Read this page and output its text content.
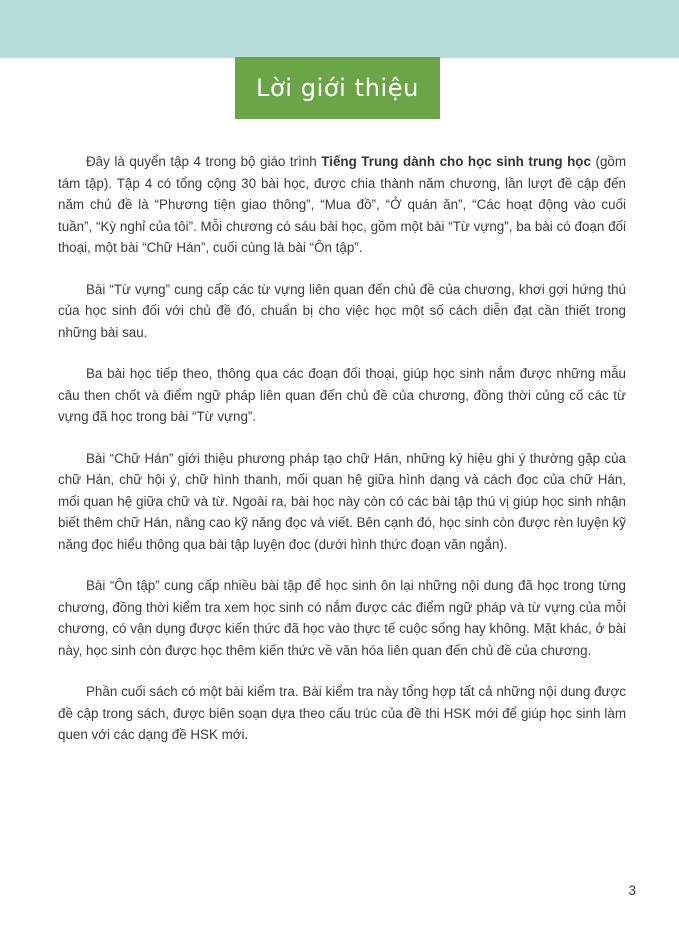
Lời giới thiệu

Đây là quyển tập 4 trong bộ giáo trình Tiếng Trung dành cho học sinh trung học (gồm tám tập). Tập 4 có tổng cộng 30 bài học, được chia thành năm chương, lần lượt đề cập đến năm chủ đề là “Phương tiện giao thông”, “Mua đồ”, “Ở quán ăn”, “Các hoạt động vào cuối tuần”, “Kỳ nghỉ của tôi”. Mỗi chương có sáu bài học, gồm một bài “Từ vựng”, ba bài có đoạn đối thoại, một bài “Chữ Hán”, cuối cùng là bài “Ôn tập”.

Bài “Từ vựng” cung cấp các từ vựng liên quan đến chủ đề của chương, khơi gợi hứng thú của học sinh đối với chủ đề đó, chuẩn bị cho việc học một số cách diễn đạt cần thiết trong những bài sau.

Ba bài học tiếp theo, thông qua các đoạn đối thoại, giúp học sinh nắm được những mẫu câu then chốt và điểm ngữ pháp liên quan đến chủ đề của chương, đồng thời củng cố các từ vựng đã học trong bài “Từ vựng”.

Bài “Chữ Hán” giới thiệu phương pháp tạo chữ Hán, những ký hiệu ghi ý thường gặp của chữ Hán, chữ hội ý, chữ hình thanh, mối quan hệ giữa hình dạng và cách đọc của chữ Hán, mối quan hệ giữa chữ và từ. Ngoài ra, bài học này còn có các bài tập thú vị giúp học sinh nhận biết thêm chữ Hán, nâng cao kỹ năng đọc và viết. Bên cạnh đó, học sinh còn được rèn luyện kỹ năng đọc hiểu thông qua bài tập luyện đọc (dưới hình thức đoạn văn ngắn).

Bài “Ôn tập” cung cấp nhiều bài tập để học sinh ôn lại những nội dung đã học trong từng chương, đồng thời kiểm tra xem học sinh có nắm được các điểm ngữ pháp và từ vựng của mỗi chương, có vận dụng được kiến thức đã học vào thực tế cuộc sống hay không. Mặt khác, ở bài này, học sinh còn được học thêm kiến thức về văn hóa liên quan đến chủ đề của chương.

Phần cuối sách có một bài kiểm tra. Bài kiểm tra này tổng hợp tất cả những nội dung được đề cập trong sách, được biên soạn dựa theo cấu trúc của đề thi HSK mới để giúp học sinh làm quen với các dạng đề HSK mới.

3
